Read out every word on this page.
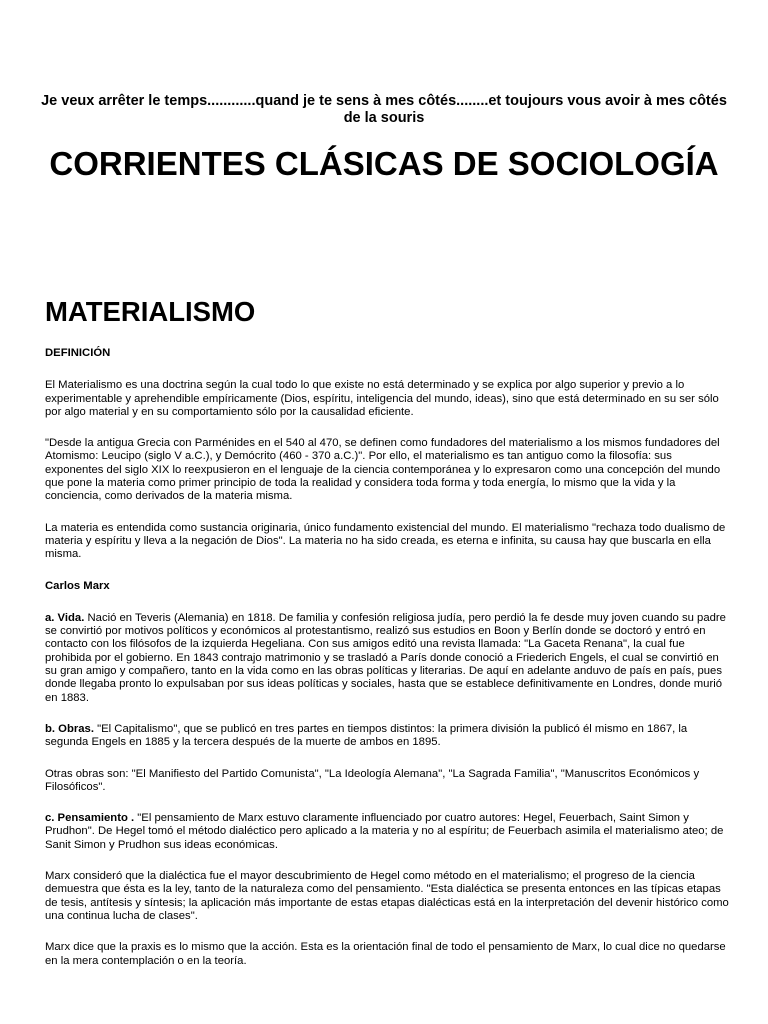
Je veux arrêter le temps............quand je te sens à mes côtés........et toujours vous avoir à mes côtés de la souris
CORRIENTES CLÁSICAS DE SOCIOLOGÍA
MATERIALISMO
DEFINICIÓN

El Materialismo es una doctrina según la cual todo lo que existe no está determinado y se explica por algo superior y previo a lo experimentable y aprehendible empíricamente (Dios, espíritu, inteligencia del mundo, ideas), sino que está determinado en su ser sólo por algo material y en su comportamiento sólo por la causalidad eficiente.

"Desde la antigua Grecia con Parménides en el 540 al 470, se definen como fundadores del materialismo a los mismos fundadores del Atomismo: Leucipo (siglo V a.C.), y Demócrito (460 - 370 a.C.)". Por ello, el materialismo es tan antiguo como la filosofía: sus exponentes del siglo XIX lo reexpusieron en el lenguaje de la ciencia contemporánea y lo expresaron como una concepción del mundo que pone la materia como primer principio de toda la realidad y considera toda forma y toda energía, lo mismo que la vida y la conciencia, como derivados de la materia misma.

La materia es entendida como sustancia originaria, único fundamento existencial del mundo. El materialismo "rechaza todo dualismo de materia y espíritu y lleva a la negación de Dios". La materia no ha sido creada, es eterna e infinita, su causa hay que buscarla en ella misma.

Carlos Marx

a. Vida. Nació en Teveris (Alemania) en 1818. De familia y confesión religiosa judía, pero perdió la fe desde muy joven cuando su padre se convirtió por motivos políticos y económicos al protestantismo, realizó sus estudios en Boon y Berlín donde se doctoró y entró en contacto con los filósofos de la izquierda Hegeliana. Con sus amigos editó una revista llamada: "La Gaceta Renana", la cual fue prohibida por el gobierno. En 1843 contrajo matrimonio y se trasladó a París donde conoció a Friederich Engels, el cual se convirtió en su gran amigo y compañero, tanto en la vida como en las obras políticas y literarias. De aquí en adelante anduvo de país en país, pues donde llegaba pronto lo expulsaban por sus ideas políticas y sociales, hasta que se establece definitivamente en Londres, donde murió en 1883.

b. Obras. "El Capitalismo", que se publicó en tres partes en tiempos distintos: la primera división la publicó él mismo en 1867, la segunda Engels en 1885 y la tercera después de la muerte de ambos en 1895.

Otras obras son: "El Manifiesto del Partido Comunista", "La Ideología Alemana", "La Sagrada Familia", "Manuscritos Económicos y Filosóficos".

c. Pensamiento . "El pensamiento de Marx estuvo claramente influenciado por cuatro autores: Hegel, Feuerbach, Saint Simon y Prudhon". De Hegel tomó el método dialéctico pero aplicado a la materia y no al espíritu; de Feuerbach asimila el materialismo ateo; de Sanit Simon y Prudhon sus ideas económicas.

Marx consideró que la dialéctica fue el mayor descubrimiento de Hegel como método en el materialismo; el progreso de la ciencia demuestra que ésta es la ley, tanto de la naturaleza como del pensamiento. "Esta dialéctica se presenta entonces en las típicas etapas de tesis, antítesis y síntesis; la aplicación más importante de estas etapas dialécticas está en la interpretación del devenir histórico como una continua lucha de clases".

Marx dice que la praxis es lo mismo que la acción. Esta es la orientación final de todo el pensamiento de Marx, lo cual dice no quedarse en la mera contemplación o en la teoría.
